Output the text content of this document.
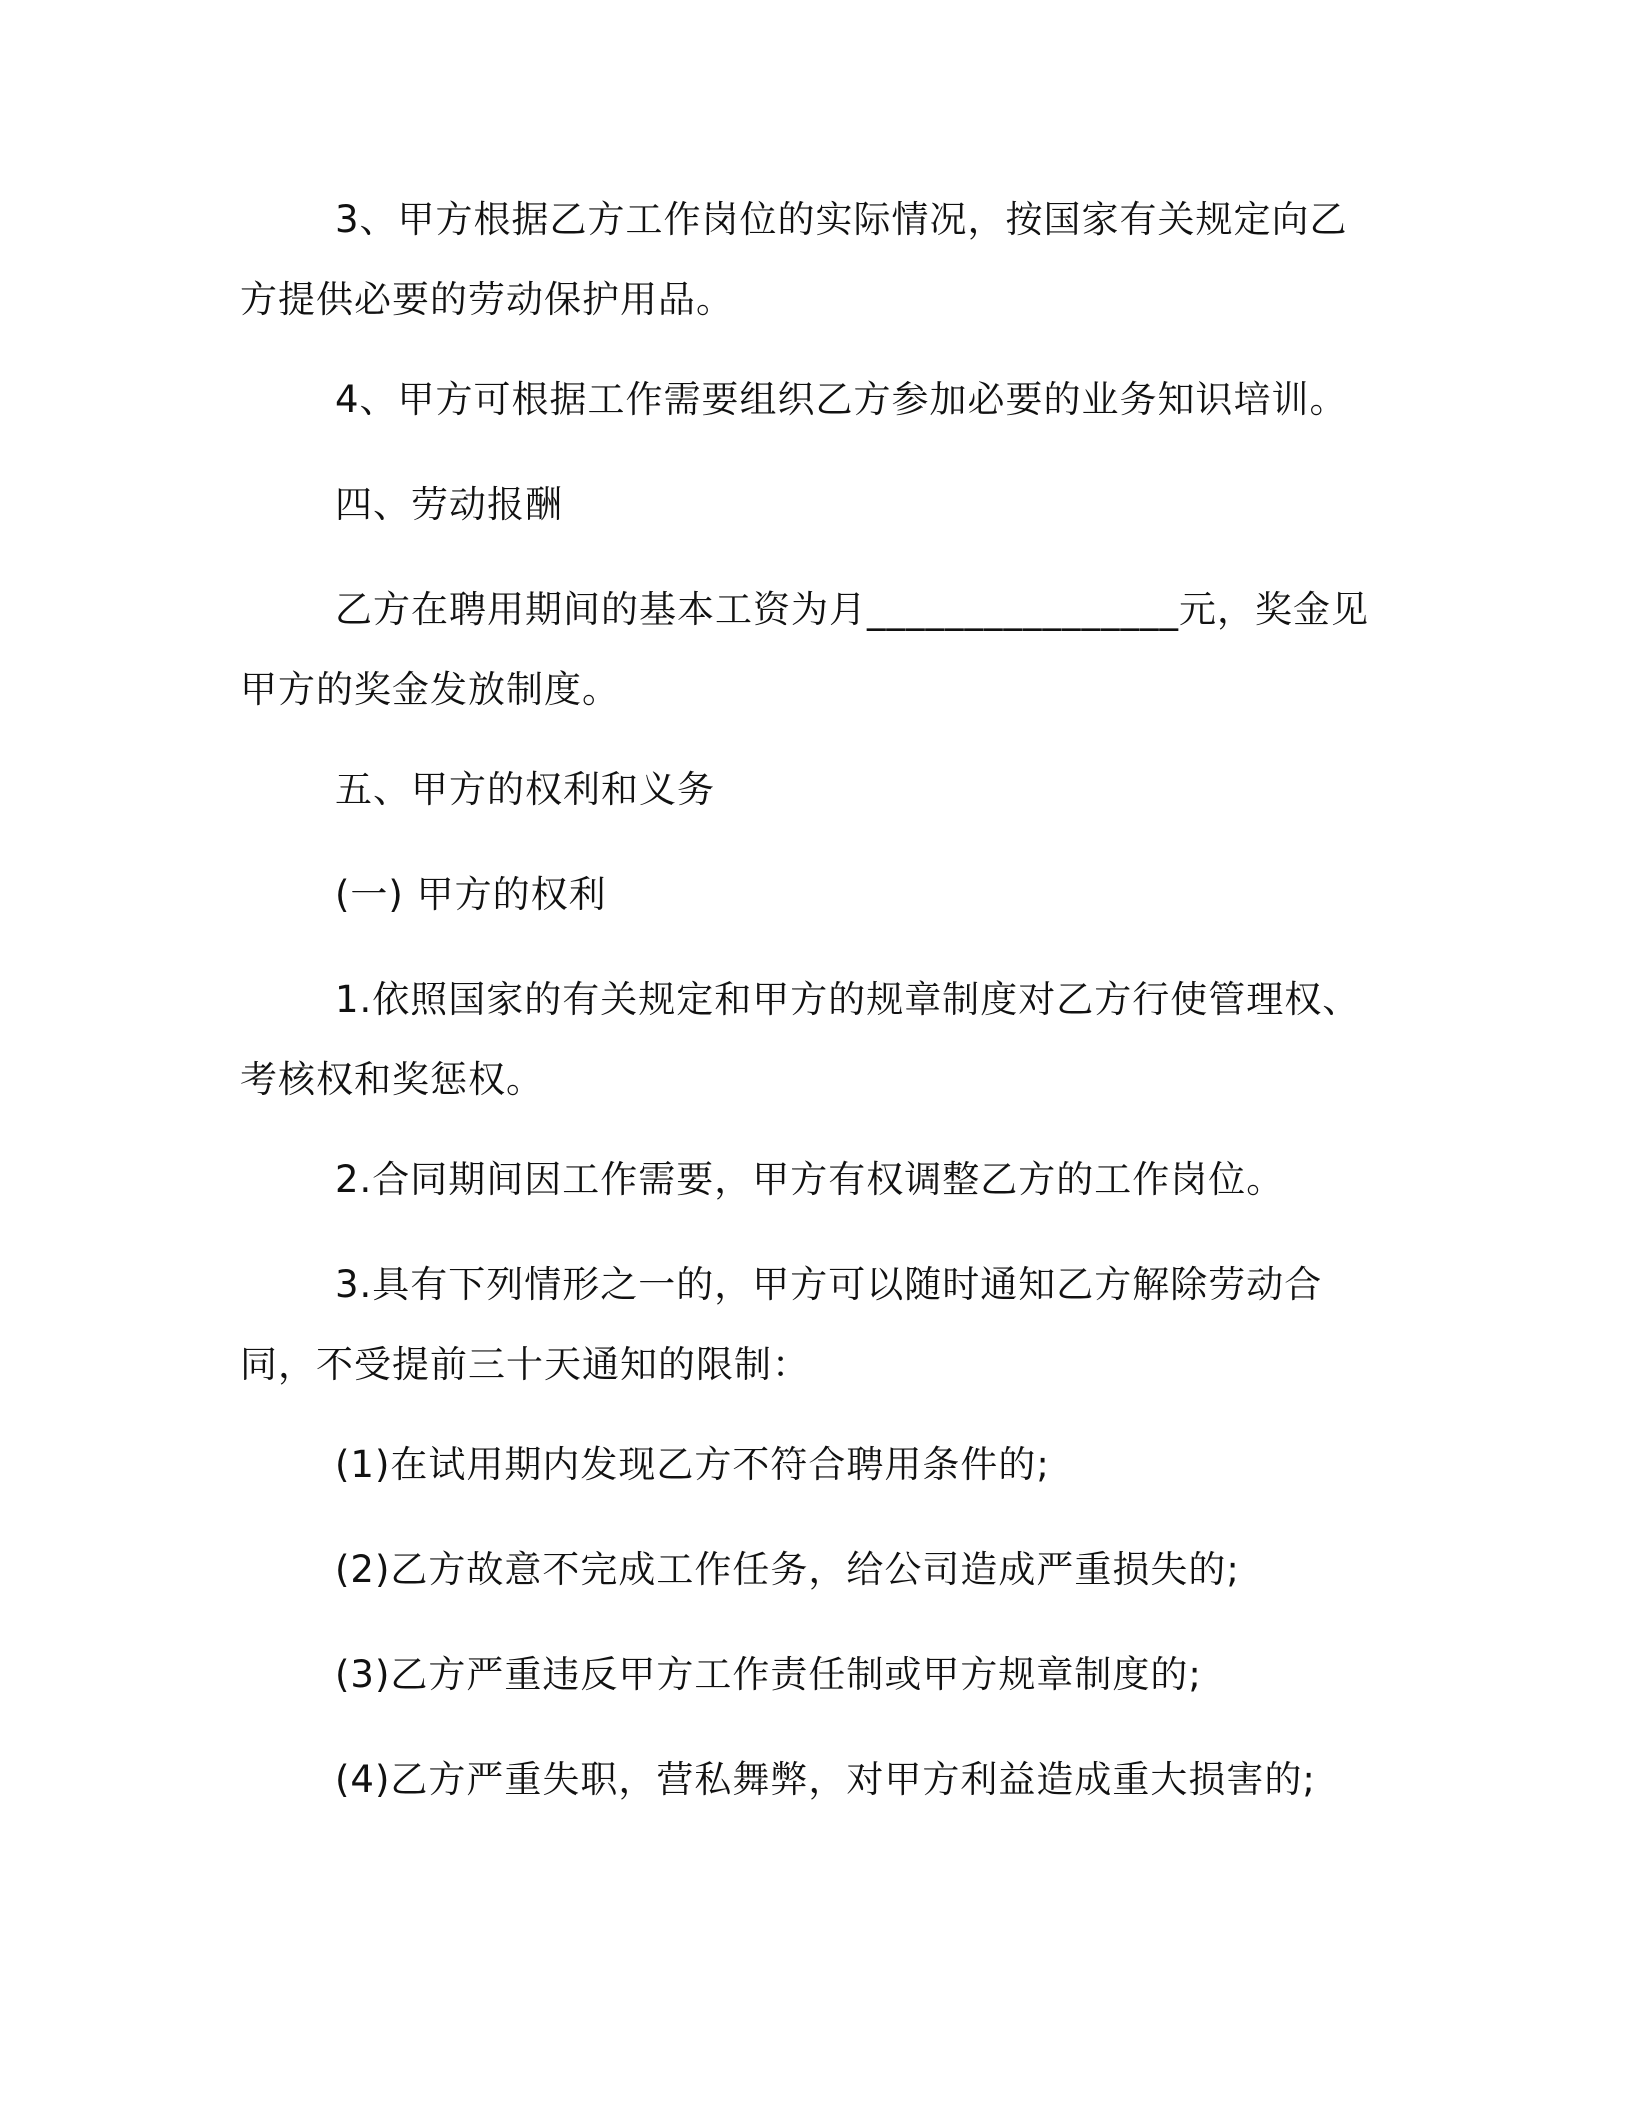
3、甲方根据乙方工作岗位的实际情况，按国家有关规定向乙方提供必要的劳动保护用品。

4、甲方可根据工作需要组织乙方参加必要的业务知识培训。

四、劳动报酬

乙方在聘用期间的基本工资为月________________元，奖金见甲方的奖金发放制度。

五、甲方的权利和义务

(一) 甲方的权利

1.依照国家的有关规定和甲方的规章制度对乙方行使管理权、考核权和奖惩权。

2.合同期间因工作需要，甲方有权调整乙方的工作岗位。

3.具有下列情形之一的，甲方可以随时通知乙方解除劳动合同，不受提前三十天通知的限制：

(1)在试用期内发现乙方不符合聘用条件的;

(2)乙方故意不完成工作任务，给公司造成严重损失的;

(3)乙方严重违反甲方工作责任制或甲方规章制度的;

(4)乙方严重失职，营私舞弊，对甲方利益造成重大损害的;
